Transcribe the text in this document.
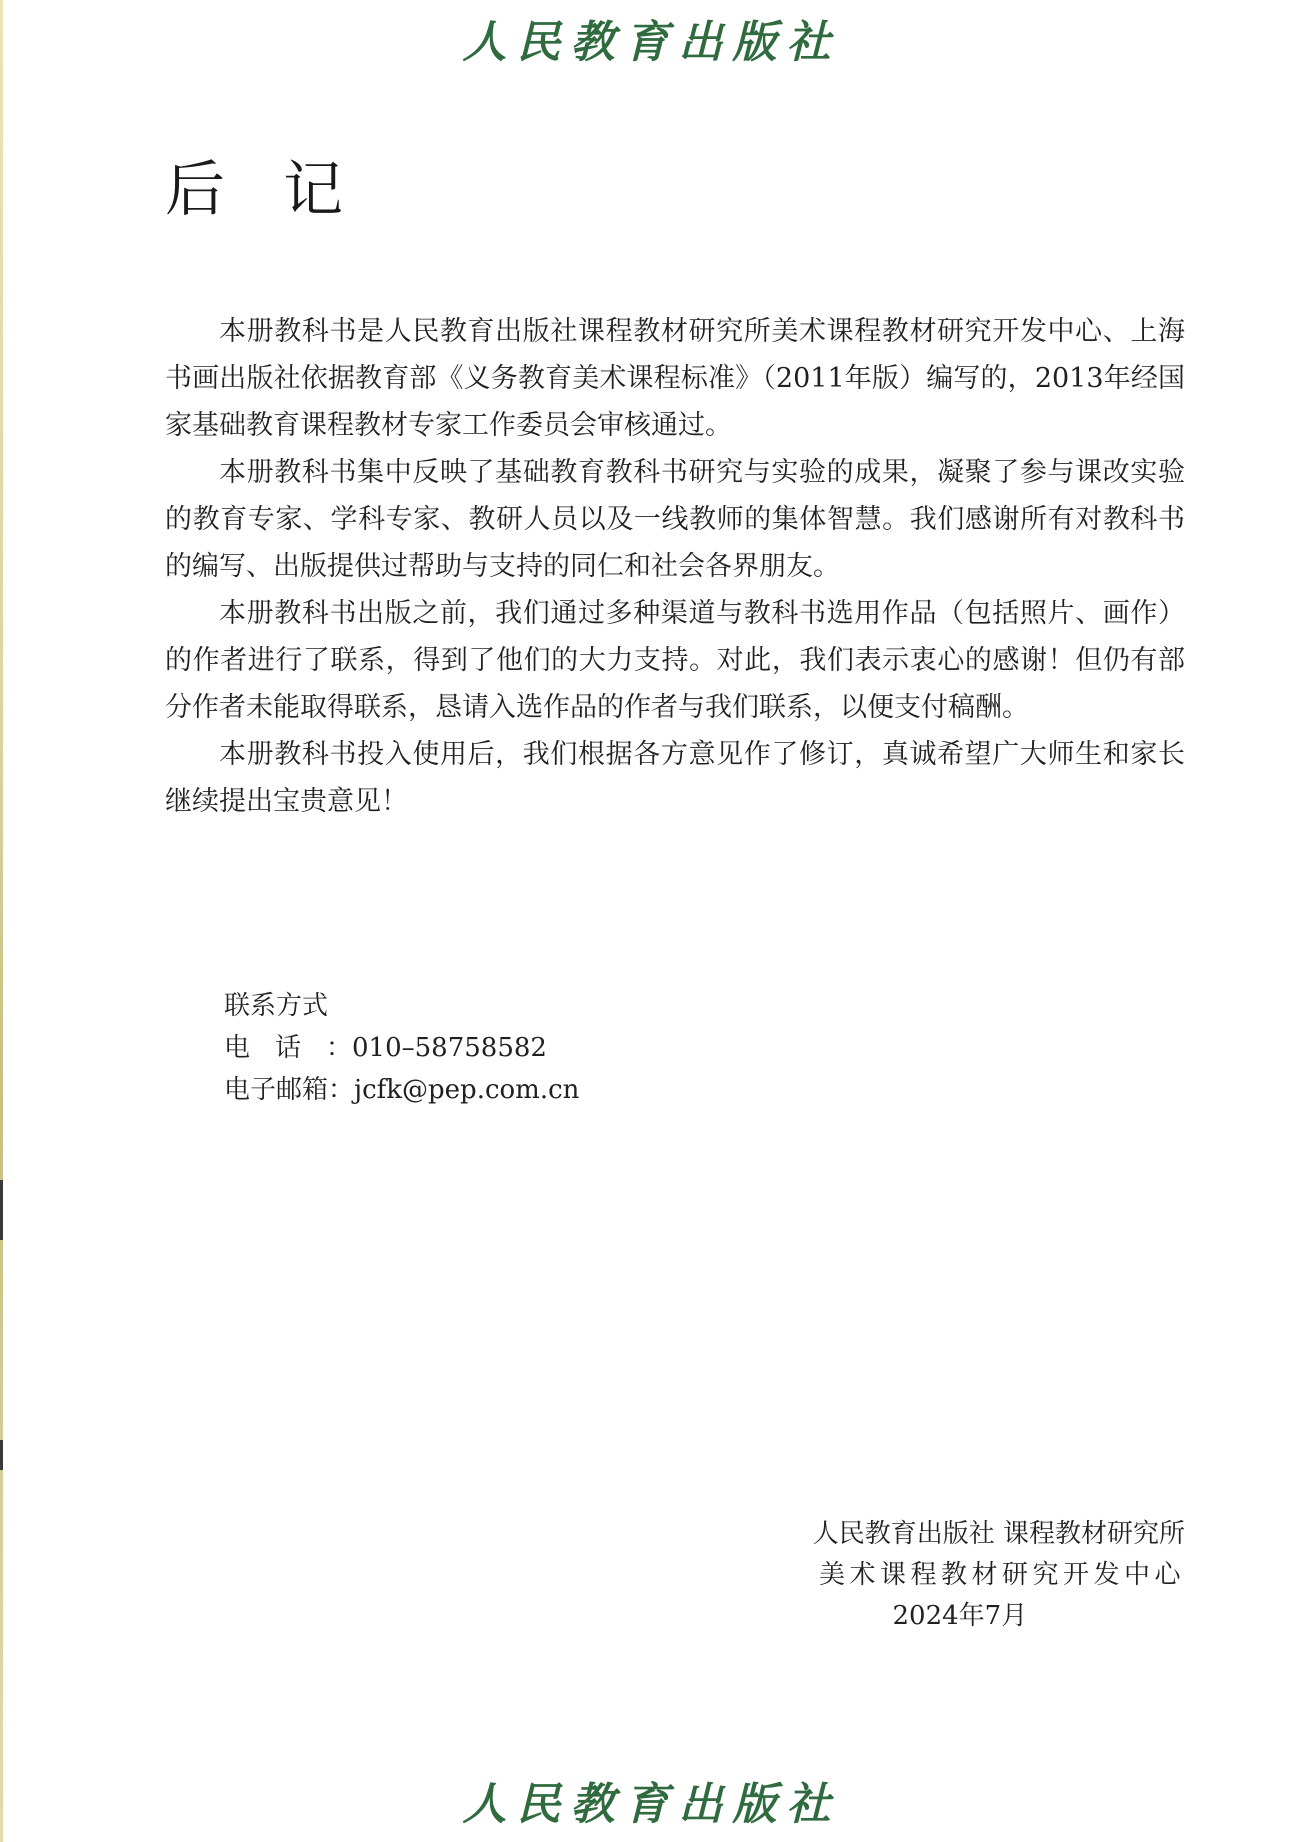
人民教育出版社
后记

本册教科书是人民教育出版社课程教材研究所美术课程教材研究开发中心、上海书画出版社依据教育部《义务教育美术课程标准》（2011年版）编写的，2013年经国家基础教育课程教材专家工作委员会审核通过。

本册教科书集中反映了基础教育教科书研究与实验的成果，凝聚了参与课改实验的教育专家、学科专家、教研人员以及一线教师的集体智慧。我们感谢所有对教科书的编写、出版提供过帮助与支持的同仁和社会各界朋友。

本册教科书出版之前，我们通过多种渠道与教科书选用作品（包括照片、画作）的作者进行了联系，得到了他们的大力支持。对此，我们表示衷心的感谢！但仍有部分作者未能取得联系，恳请入选作品的作者与我们联系，以便支付稿酬。

本册教科书投入使用后，我们根据各方意见作了修订，真诚希望广大师生和家长继续提出宝贵意见！

联系方式
电话：010–58758582
电子邮箱：jcfk@pep.com.cn
人民教育出版社 课程教材研究所
美术课程教材研究开发中心
2024年7月
人民教育出版社
